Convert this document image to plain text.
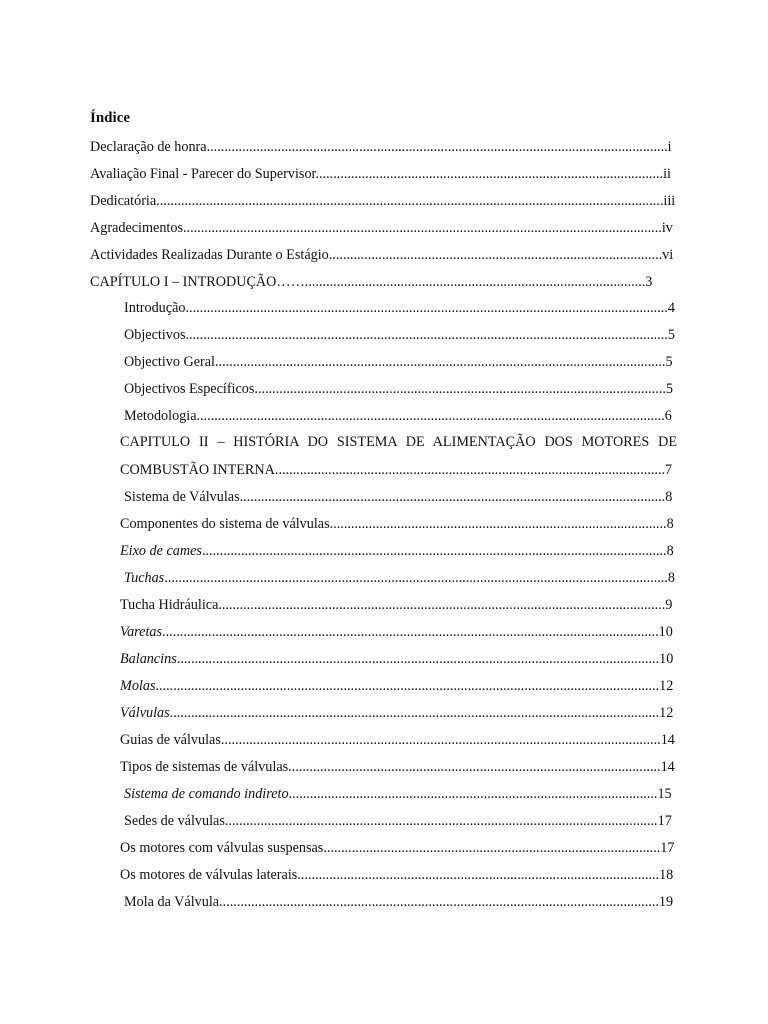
Índice
CAPITULO II – HISTÓRIA DO SISTEMA DE ALIMENTAÇÃO DOS MOTORES DE
Declaração de honra..................................................................................................................................i
Avaliação Final - Parecer do Supervisor..................................................................................................ii
Dedicatória...............................................................................................................................................iii
Agradecimentos.......................................................................................................................................iv
Actividades Realizadas Durante o Estágio..............................................................................................vi
CAPÍTULO I – INTRODUÇÃO……................................................................................................3
Introdução........................................................................................................................................4
Objectivos........................................................................................................................................5
Objectivo Geral...............................................................................................................................5
Objectivos Específicos....................................................................................................................5
Metodologia....................................................................................................................................6
COMBUSTÃO INTERNA..............................................................................................................7
Sistema de Válvulas........................................................................................................................8
Componentes do sistema de válvulas...............................................................................................8
Eixo de cames...................................................................................................................................8
Tuchas..............................................................................................................................................8
Tucha Hidráulica..............................................................................................................................9
Varetas............................................................................................................................................10
Balancins........................................................................................................................................10
Molas..............................................................................................................................................12
Válvulas..........................................................................................................................................12
Guias de válvulas............................................................................................................................14
Tipos de sistemas de válvulas.........................................................................................................14
Sistema de comando indireto........................................................................................................15
Sedes de válvulas..........................................................................................................................17
Os motores com válvulas suspensas...............................................................................................17
Os motores de válvulas laterais......................................................................................................18
Mola da Válvula............................................................................................................................19
